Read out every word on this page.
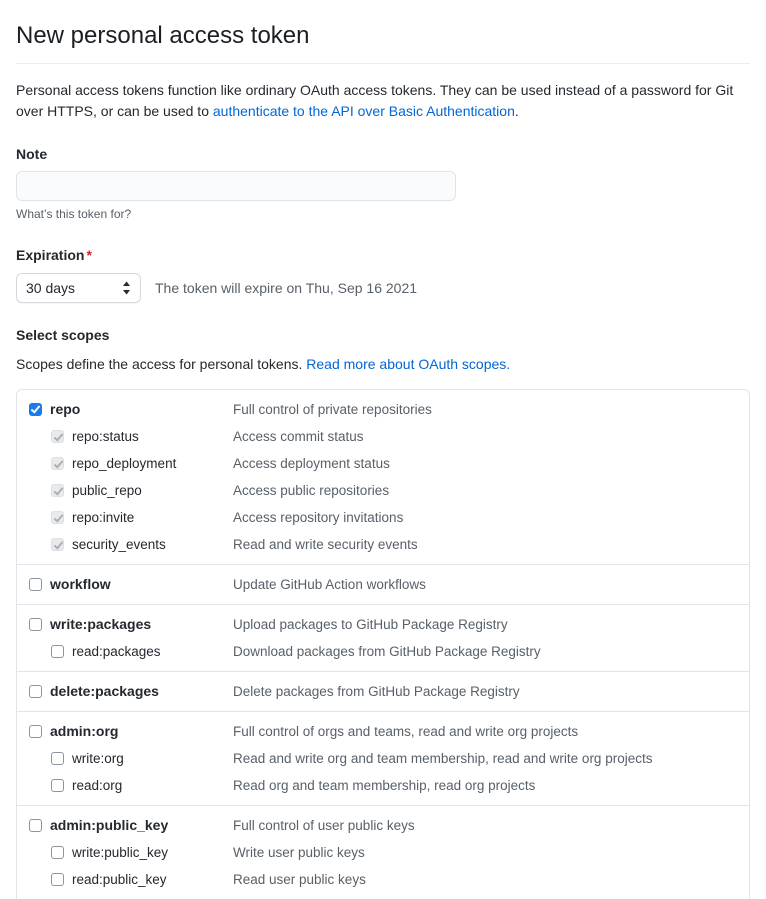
New personal access token

Personal access tokens function like ordinary OAuth access tokens. They can be used instead of a password for Git over HTTPS, or can be used to authenticate to the API over Basic Authentication.

Note
What’s this token for?
Expiration *
30 days	The token will expire on Thu, Sep 16 2021
Select scopes

Scopes define the access for personal tokens. Read more about OAuth scopes.

repo	Full control of private repositories
repo:status	Access commit status
repo_deployment	Access deployment status
public_repo	Access public repositories
repo:invite	Access repository invitations
security_events	Read and write security events
workflow	Update GitHub Action workflows
write:packages	Upload packages to GitHub Package Registry
read:packages	Download packages from GitHub Package Registry
delete:packages	Delete packages from GitHub Package Registry
admin:org	Full control of orgs and teams, read and write org projects
write:org	Read and write org and team membership, read and write org projects
read:org	Read org and team membership, read org projects
admin:public_key	Full control of user public keys
write:public_key	Write user public keys
read:public_key	Read user public keys
